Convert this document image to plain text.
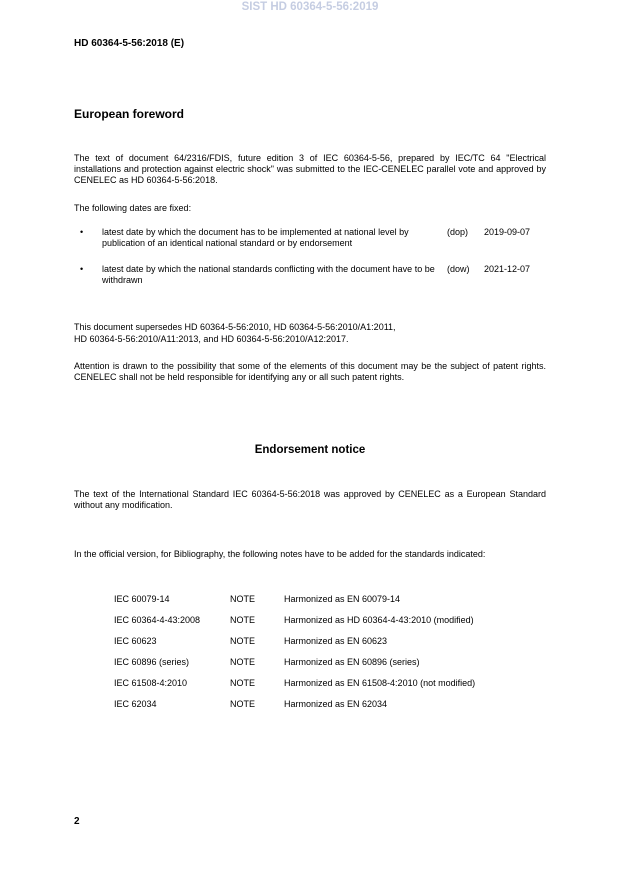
SIST HD 60364-5-56:2019
HD 60364-5-56:2018 (E)
European foreword
The text of document 64/2316/FDIS, future edition 3 of IEC 60364-5-56, prepared by IEC/TC 64 "Electrical installations and protection against electric shock" was submitted to the IEC-CENELEC parallel vote and approved by CENELEC as HD 60364-5-56:2018.
The following dates are fixed:
• latest date by which the document has to be implemented at national level by publication of an identical national standard or by endorsement
(dop) 2019-09-07
• latest date by which the national standards conflicting with the document have to be withdrawn
(dow) 2021-12-07
This document supersedes HD 60364-5-56:2010, HD 60364-5-56:2010/A1:2011,
HD 60364-5-56:2010/A11:2013, and HD 60364-5-56:2010/A12:2017.
Attention is drawn to the possibility that some of the elements of this document may be the subject of patent rights. CENELEC shall not be held responsible for identifying any or all such patent rights.
Endorsement notice
The text of the International Standard IEC 60364-5-56:2018 was approved by CENELEC as a European Standard without any modification.
In the official version, for Bibliography, the following notes have to be added for the standards indicated:
IEC 60079-14	NOTE	Harmonized as EN 60079-14
IEC 60364-4-43:2008	NOTE	Harmonized as HD 60364-4-43:2010 (modified)
IEC 60623	NOTE	Harmonized as EN 60623
IEC 60896 (series)	NOTE	Harmonized as EN 60896 (series)
IEC 61508-4:2010	NOTE	Harmonized as EN 61508-4:2010 (not modified)
IEC 62034	NOTE	Harmonized as EN 62034
2
